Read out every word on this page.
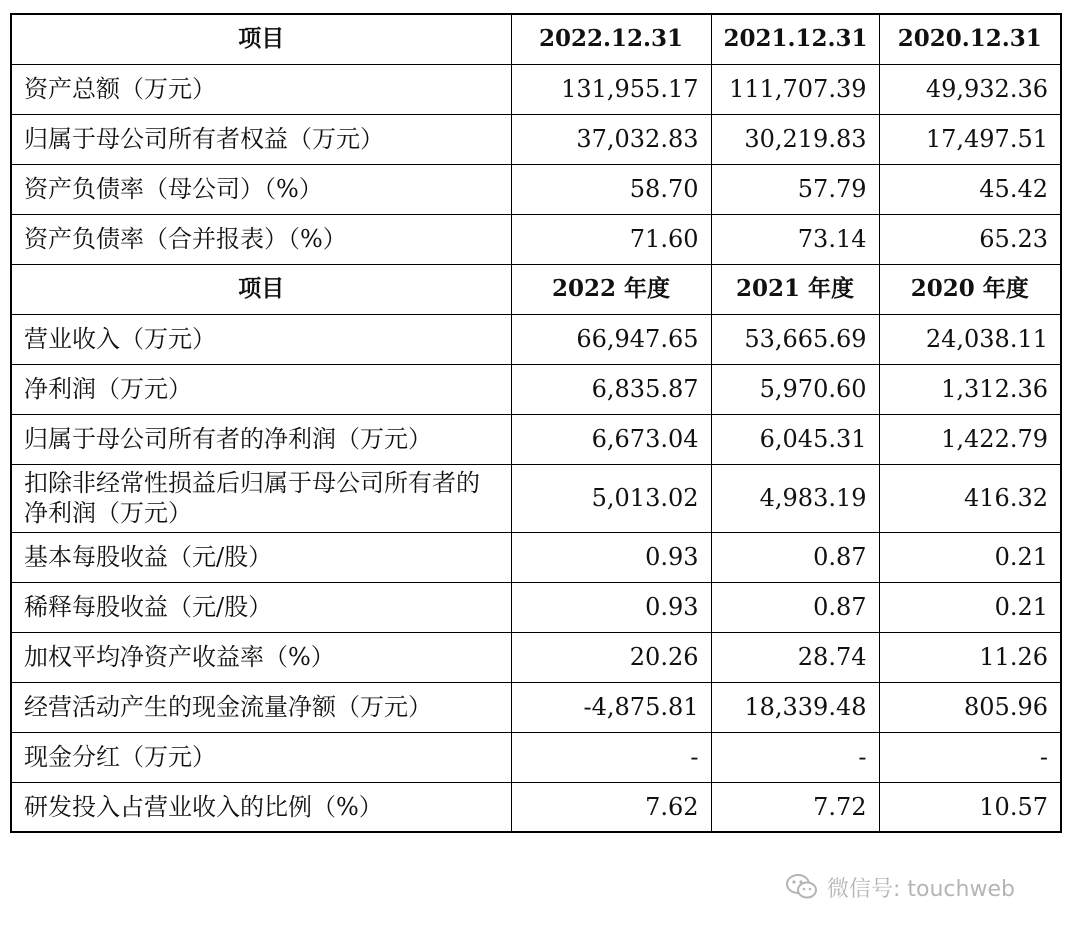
项目	2022.12.31	2021.12.31	2020.12.31
资产总额（万元）	131,955.17	111,707.39	49,932.36
归属于母公司所有者权益（万元）	37,032.83	30,219.83	17,497.51
资产负债率（母公司）（%）	58.70	57.79	45.42
资产负债率（合并报表）（%）	71.60	73.14	65.23
项目	2022 年度	2021 年度	2020 年度
营业收入（万元）	66,947.65	53,665.69	24,038.11
净利润（万元）	6,835.87	5,970.60	1,312.36
归属于母公司所有者的净利润（万元）	6,673.04	6,045.31	1,422.79
扣除非经常性损益后归属于母公司所有者的净利润（万元）	5,013.02	4,983.19	416.32
基本每股收益（元/股）	0.93	0.87	0.21
稀释每股收益（元/股）	0.93	0.87	0.21
加权平均净资产收益率（%）	20.26	28.74	11.26
经营活动产生的现金流量净额（万元）	-4,875.81	18,339.48	805.96
现金分红（万元）	-	-	-
研发投入占营业收入的比例（%）	7.62	7.72	10.57
微信号: touchweb
